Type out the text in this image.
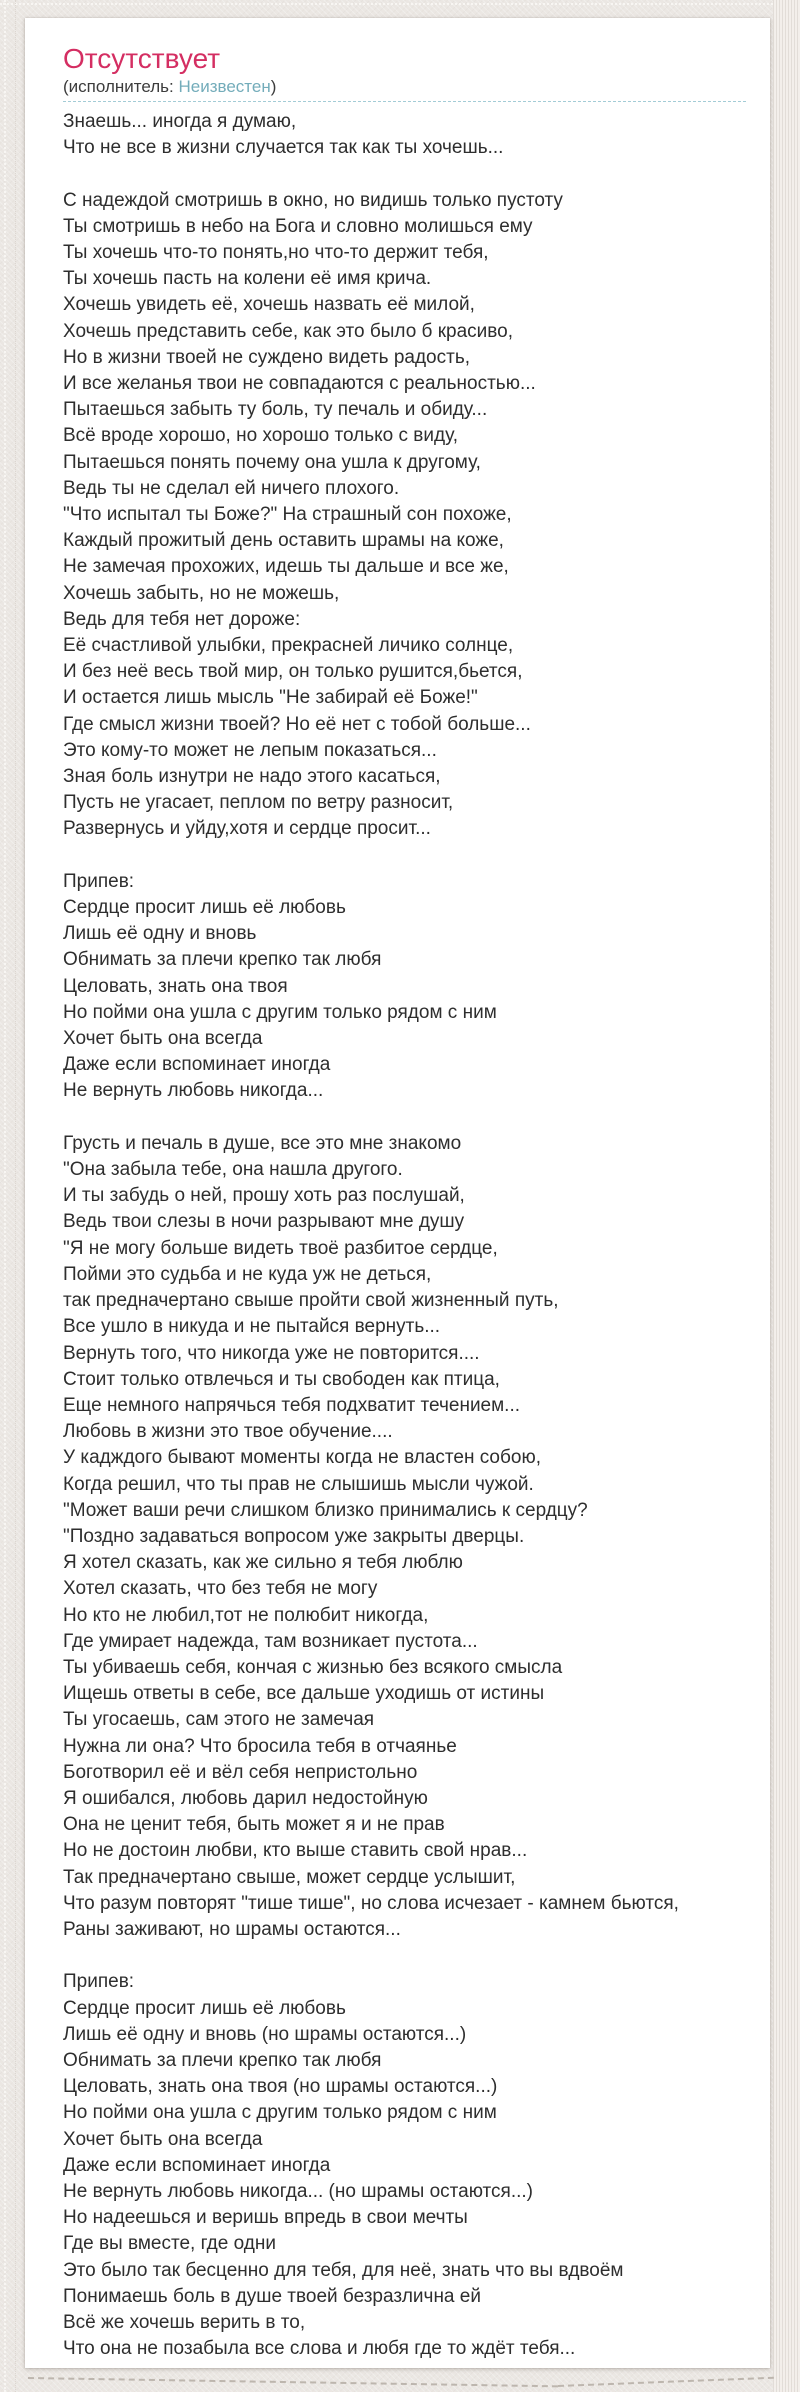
Отсутствует
(исполнитель: Неизвестен)
Знаешь... иногда я думаю,
Что не все в жизни случается так как ты хочешь...
С надеждой смотришь в окно, но видишь только пустоту
Ты смотришь в небо на Бога и словно молишься ему
Ты хочешь что-то понять,но что-то держит тебя,
Ты хочешь пасть на колени её имя крича.
Хочешь увидеть её, хочешь назвать её милой,
Хочешь представить себе, как это было б красиво,
Но в жизни твоей не суждено видеть радость,
И все желанья твои не совпадаются с реальностью...
Пытаешься забыть ту боль, ту печаль и обиду...
Всё вроде хорошо, но хорошо только с виду,
Пытаешься понять почему она ушла к другому,
Ведь ты не сделал ей ничего плохого.
"Что испытал ты Боже?" На страшный сон похоже,
Каждый прожитый день оставить шрамы на коже,
Не замечая прохожих, идешь ты дальше и все же,
Хочешь забыть, но не можешь,
Ведь для тебя нет дороже:
Её счастливой улыбки, прекрасней личико солнце,
И без неё весь твой мир, он только рушится,бьется,
И остается лишь мысль "Не забирай её Боже!"
Где смысл жизни твоей? Но её нет с тобой больше...
Это кому-то может не лепым показаться...
Зная боль изнутри не надо этого касаться,
Пусть не угасает, пеплом по ветру разносит,
Развернусь и уйду,хотя и сердце просит...
Припев:
Сердце просит лишь её любовь
Лишь её одну и вновь
Обнимать за плечи крепко так любя
Целовать, знать она твоя
Но пойми она ушла с другим только рядом с ним
Хочет быть она всегда
Даже если вспоминает иногда
Не вернуть любовь никогда...
Грусть и печаль в душе, все это мне знакомо
"Она забыла тебе, она нашла другого.
И ты забудь о ней, прошу хоть раз послушай,
Ведь твои слезы в ночи разрывают мне душу
"Я не могу больше видеть твоё разбитое сердце,
Пойми это судьба и не куда уж не деться,
так предначертано свыше пройти свой жизненный путь,
Все ушло в никуда и не пытайся вернуть...
Вернуть того, что никогда уже не повторится....
Стоит только отвлечься и ты свободен как птица,
Еще немного напрячься тебя подхватит течением...
Любовь в жизни это твое обучение....
У кадждого бывают моменты когда не властен собою,
Когда решил, что ты прав не слышишь мысли чужой.
"Может ваши речи слишком близко принимались к сердцу?
"Поздно задаваться вопросом уже закрыты дверцы.
Я хотел сказать, как же сильно я тебя люблю
Хотел сказать, что без тебя не могу
Но кто не любил,тот не полюбит никогда,
Где умирает надежда, там возникает пустота...
Ты убиваешь себя, кончая с жизнью без всякого смысла
Ищешь ответы в себе, все дальше уходишь от истины
Ты угосаешь, сам этого не замечая
Нужна ли она? Что бросила тебя в отчаянье
Боготворил её и вёл себя непристольно
Я ошибался, любовь дарил недостойную
Она не ценит тебя, быть может я и не прав
Но не достоин любви, кто выше ставить свой нрав...
Так предначертано свыше, может сердце услышит,
Что разум повторят "тише тише", но слова исчезает - камнем бьются,
Раны заживают, но шрамы остаются...
Припев:
Сердце просит лишь её любовь
Лишь её одну и вновь (но шрамы остаются...)
Обнимать за плечи крепко так любя
Целовать, знать она твоя (но шрамы остаются...)
Но пойми она ушла с другим только рядом с ним
Хочет быть она всегда
Даже если вспоминает иногда
Не вернуть любовь никогда... (но шрамы остаются...)
Но надеешься и веришь впредь в свои мечты
Где вы вместе, где одни
Это было так бесценно для тебя, для неё, знать что вы вдвоём
Понимаешь боль в душе твоей безразлична ей
Всё же хочешь верить в то,
Что она не позабыла все слова и любя где то ждёт тебя...
